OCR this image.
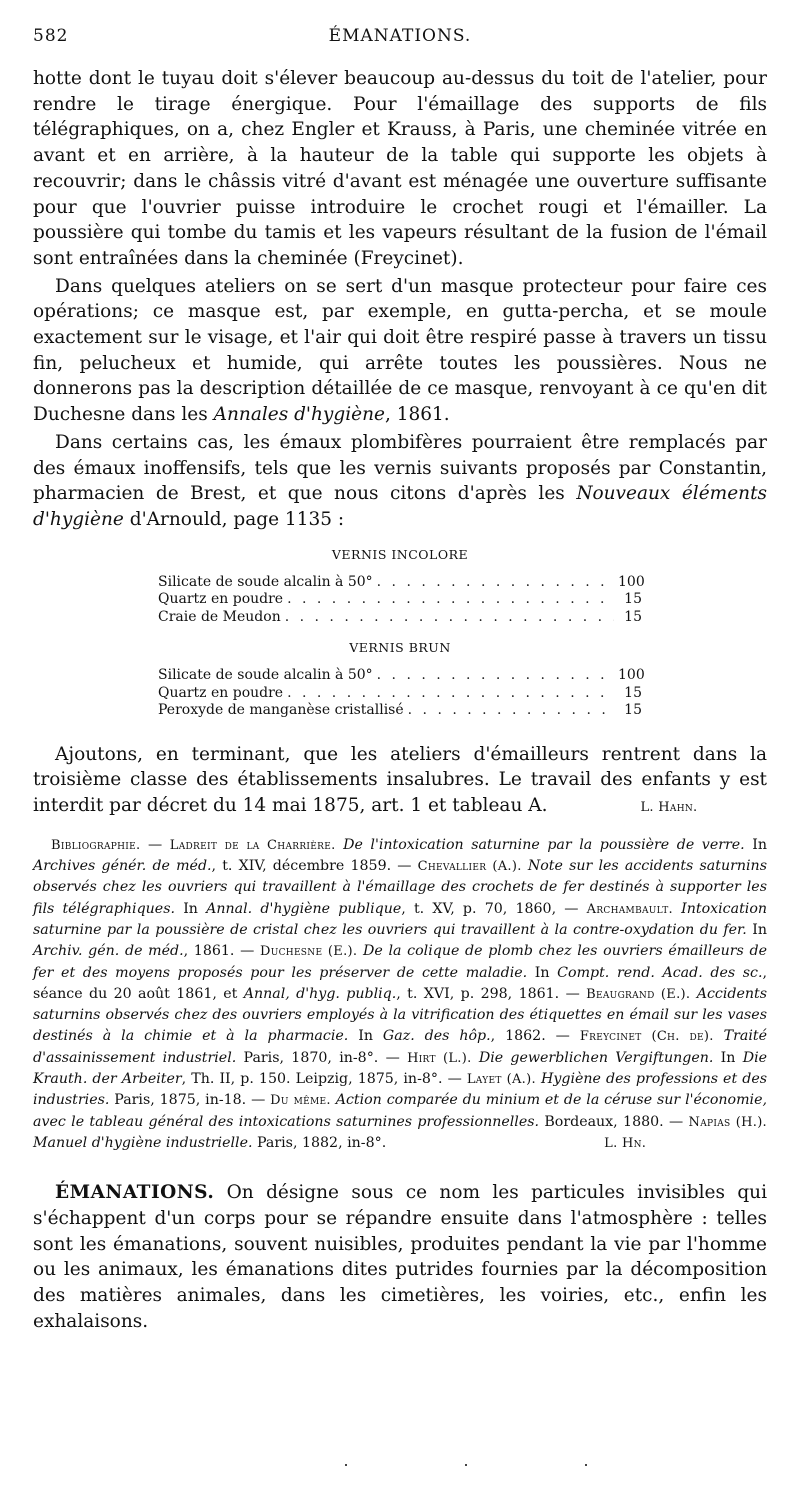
582	ÉMANATIONS.

hotte dont le tuyau doit s'élever beaucoup au-dessus du toit de l'atelier, pour rendre le tirage énergique. Pour l'émaillage des supports de fils télégraphiques, on a, chez Engler et Krauss, à Paris, une cheminée vitrée en avant et en arrière, à la hauteur de la table qui supporte les objets à recouvrir; dans le châssis vitré d'avant est ménagée une ouverture suffisante pour que l'ouvrier puisse introduire le crochet rougi et l'émailler. La poussière qui tombe du tamis et les vapeurs résultant de la fusion de l'émail sont entraînées dans la cheminée (Freycinet).

Dans quelques ateliers on se sert d'un masque protecteur pour faire ces opérations; ce masque est, par exemple, en gutta-percha, et se moule exactement sur le visage, et l'air qui doit être respiré passe à travers un tissu fin, pelucheux et humide, qui arrête toutes les poussières. Nous ne donnerons pas la description détaillée de ce masque, renvoyant à ce qu'en dit Duchesne dans les Annales d'hygiène, 1861.

Dans certains cas, les émaux plombifères pourraient être remplacés par des émaux inoffensifs, tels que les vernis suivants proposés par Constantin, pharmacien de Brest, et que nous citons d'après les Nouveaux éléments d'hygiène d'Arnould, page 1135 :

VERNIS INCOLORE
Silicate de soude alcalin à 50° . . .	100
Quartz en poudre . . .	15
Craie de Meudon . . .	15
VERNIS BRUN
Silicate de soude alcalin à 50° . . .	100
Quartz en poudre . . .	15
Peroxyde de manganèse cristallisé . . .	15

Ajoutons, en terminant, que les ateliers d'émailleurs rentrent dans la troisième classe des établissements insalubres. Le travail des enfants y est interdit par décret du 14 mai 1875, art. 1 et tableau A.	L. Hahn.

Bibliographie. — Ladreit de la Charrière. De l'intoxication saturnine par la poussière de verre. In Archives génér. de méd., t. XIV, décembre 1859. — Chevallier (A.). Note sur les accidents saturnins observés chez les ouvriers qui travaillent à l'émaillage des crochets de fer destinés à supporter les fils télégraphiques. In Annal. d'hygiène publique, t. XV, p. 70, 1860, — Archambault. Intoxication saturnine par la poussière de cristal chez les ouvriers qui travaillent à la contre-oxydation du fer. In Archiv. gén. de méd., 1861. — Duchesne (E.). De la colique de plomb chez les ouvriers émailleurs de fer et des moyens proposés pour les préserver de cette maladie. In Compt. rend. Acad. des sc., séance du 20 août 1861, et Annal, d'hyg. publiq., t. XVI, p. 298, 1861. — Beaugrand (E.). Accidents saturnins observés chez des ouvriers employés à la vitrification des étiquettes en émail sur les vases destinés à la chimie et à la pharmacie. In Gaz. des hôp., 1862. — Freycinet (Ch. de). Traité d'assainissement industriel. Paris, 1870, in-8°. — Hirt (L.). Die gewerblichen Vergiftungen. In Die Krauth. der Arbeiter, Th. II, p. 150. Leipzig, 1875, in-8°. — Layet (A.). Hygiène des professions et des industries. Paris, 1875, in-18. — Du même. Action comparée du minium et de la céruse sur l'économie, avec le tableau général des intoxications saturnines professionnelles. Bordeaux, 1880. — Napias (H.). Manuel d'hygiène industrielle. Paris, 1882, in-8°.	L. Hn.

ÉMANATIONS. On désigne sous ce nom les particules invisibles qui s'échappent d'un corps pour se répandre ensuite dans l'atmosphère : telles sont les émanations, souvent nuisibles, produites pendant la vie par l'homme ou les animaux, les émanations dites putrides fournies par la décomposition des matières animales, dans les cimetières, les voiries, etc., enfin les exhalaisons.
